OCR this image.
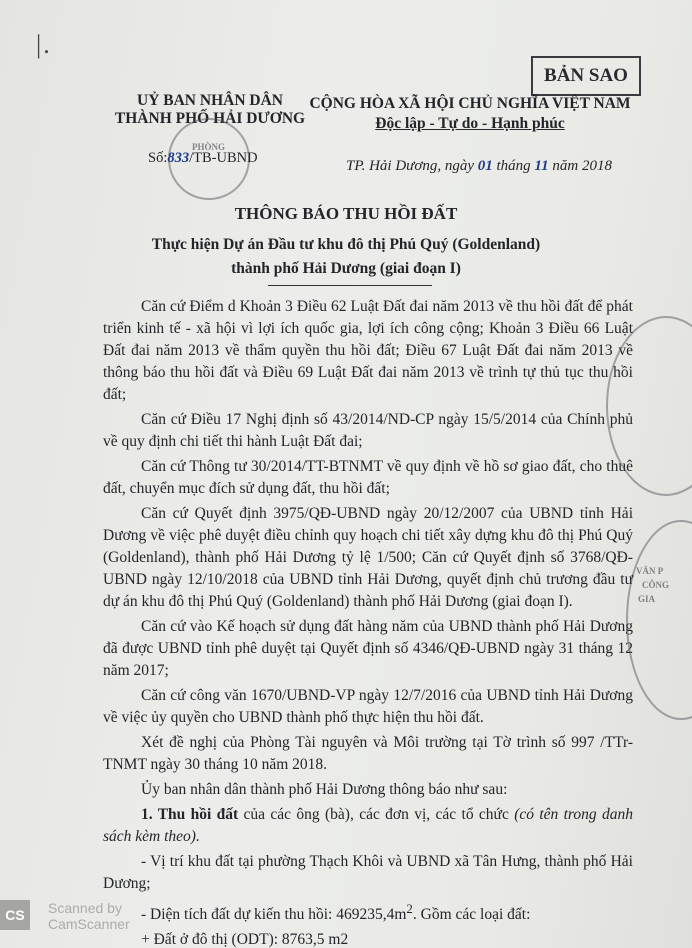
|.
BẢN SAO
UỶ BAN NHÂN DÂN
THÀNH PHỐ HẢI DƯƠNG
CỘNG HÒA XÃ HỘI CHỦ NGHĨA VIỆT NAM
Độc lập - Tự do - Hạnh phúc
PHÒNG
Số:833/TB-UBND	TP. Hải Dương, ngày 01 tháng 11 năm 2018
THÔNG BÁO THU HỒI ĐẤT
Thực hiện Dự án Đầu tư khu đô thị Phú Quý (Goldenland)
thành phố Hải Dương (giai đoạn I)

Căn cứ Điểm d Khoản 3 Điều 62 Luật Đất đai năm 2013 về thu hồi đất để phát triển kinh tế - xã hội vì lợi ích quốc gia, lợi ích công cộng; Khoản 3 Điều 66 Luật Đất đai năm 2013 về thẩm quyền thu hồi đất; Điều 67 Luật Đất đai năm 2013 về thông báo thu hồi đất và Điều 69 Luật Đất đai năm 2013 về trình tự thủ tục thu hồi đất;

Căn cứ Điều 17 Nghị định số 43/2014/ND-CP ngày 15/5/2014 của Chính phủ về quy định chi tiết thi hành Luật Đất đai;

Căn cứ Thông tư 30/2014/TT-BTNMT về quy định về hồ sơ giao đất, cho thuê đất, chuyển mục đích sử dụng đất, thu hồi đất;

Căn cứ Quyết định 3975/QĐ-UBND ngày 20/12/2007 của UBND tỉnh Hải Dương về việc phê duyệt điều chỉnh quy hoạch chi tiết xây dựng khu đô thị Phú Quý (Goldenland), thành phố Hải Dương tỷ lệ 1/500; Căn cứ Quyết định số 3768/QĐ-UBND ngày 12/10/2018 của UBND tỉnh Hải Dương, quyết định chủ trương đầu tư dự án khu đô thị Phú Quý (Goldenland) thành phố Hải Dương (giai đoạn I).

Căn cứ vào Kế hoạch sử dụng đất hàng năm của UBND thành phố Hải Dương đã được UBND tỉnh phê duyệt tại Quyết định số 4346/QĐ-UBND ngày 31 tháng 12 năm 2017;

Căn cứ công văn 1670/UBND-VP ngày 12/7/2016 của UBND tỉnh Hải Dương về việc ủy quyền cho UBND thành phố thực hiện thu hồi đất.

Xét đề nghị của Phòng Tài nguyên và Môi trường tại Tờ trình số 997 /TTr-TNMT ngày 30 tháng 10 năm 2018.

Ủy ban nhân dân thành phố Hải Dương thông báo như sau:

1. Thu hồi đất của các ông (bà), các đơn vị, các tổ chức (có tên trong danh sách kèm theo).

- Vị trí khu đất tại phường Thạch Khôi và UBND xã Tân Hưng, thành phố Hải Dương;

- Diện tích đất dự kiến thu hồi: $469235,4m^2$. Gồm các loại đất:

+ Đất ở đô thị (ODT): 8763,5 m2

VĂN P
CÔNG
GIA
CS	Scanned by
CamScanner
